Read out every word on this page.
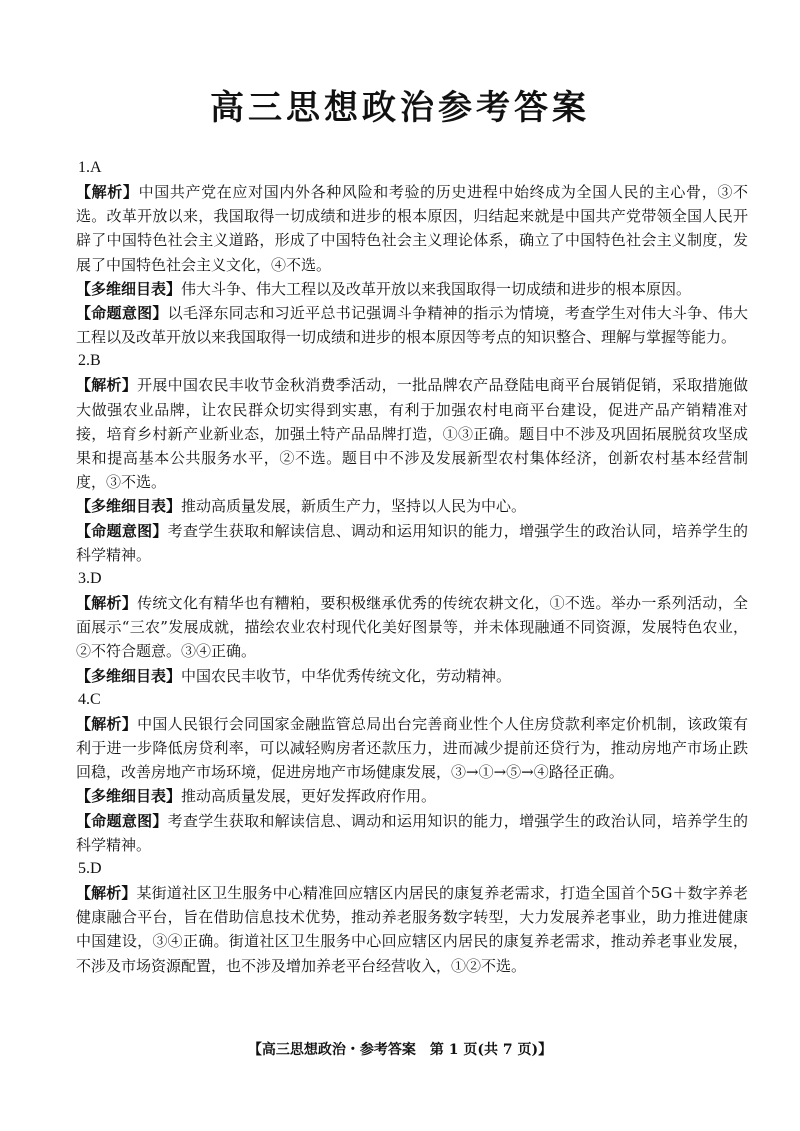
高三思想政治参考答案
1.A

【解析】中国共产党在应对国内外各种风险和考验的历史进程中始终成为全国人民的主心骨，③不选。改革开放以来，我国取得一切成绩和进步的根本原因，归结起来就是中国共产党带领全国人民开辟了中国特色社会主义道路，形成了中国特色社会主义理论体系，确立了中国特色社会主义制度，发展了中国特色社会主义文化，④不选。

【多维细目表】伟大斗争、伟大工程以及改革开放以来我国取得一切成绩和进步的根本原因。

【命题意图】以毛泽东同志和习近平总书记强调斗争精神的指示为情境，考查学生对伟大斗争、伟大工程以及改革开放以来我国取得一切成绩和进步的根本原因等考点的知识整合、理解与掌握等能力。

2.B

【解析】开展中国农民丰收节金秋消费季活动，一批品牌农产品登陆电商平台展销促销，采取措施做大做强农业品牌，让农民群众切实得到实惠，有利于加强农村电商平台建设，促进产品产销精准对接，培育乡村新产业新业态，加强土特产品品牌打造，①③正确。题目中不涉及巩固拓展脱贫攻坚成果和提高基本公共服务水平，②不选。题目中不涉及发展新型农村集体经济，创新农村基本经营制度，③不选。

【多维细目表】推动高质量发展，新质生产力，坚持以人民为中心。

【命题意图】考查学生获取和解读信息、调动和运用知识的能力，增强学生的政治认同，培养学生的科学精神。

3.D

【解析】传统文化有精华也有糟粕，要积极继承优秀的传统农耕文化，①不选。举办一系列活动，全面展示“三农”发展成就，描绘农业农村现代化美好图景等，并未体现融通不同资源，发展特色农业，②不符合题意。③④正确。

【多维细目表】中国农民丰收节，中华优秀传统文化，劳动精神。

4.C

【解析】中国人民银行会同国家金融监管总局出台完善商业性个人住房贷款利率定价机制，该政策有利于进一步降低房贷利率，可以减轻购房者还款压力，进而减少提前还贷行为，推动房地产市场止跌回稳，改善房地产市场环境，促进房地产市场健康发展，③→①→⑤→④路径正确。

【多维细目表】推动高质量发展，更好发挥政府作用。

【命题意图】考查学生获取和解读信息、调动和运用知识的能力，增强学生的政治认同，培养学生的科学精神。

5.D

【解析】某街道社区卫生服务中心精准回应辖区内居民的康复养老需求，打造全国首个5G＋数字养老健康融合平台，旨在借助信息技术优势，推动养老服务数字转型，大力发展养老事业，助力推进健康中国建设，③④正确。街道社区卫生服务中心回应辖区内居民的康复养老需求，推动养老事业发展，不涉及市场资源配置，也不涉及增加养老平台经营收入，①②不选。

【高三思想政治・参考答案　第 1 页(共 7 页)】
